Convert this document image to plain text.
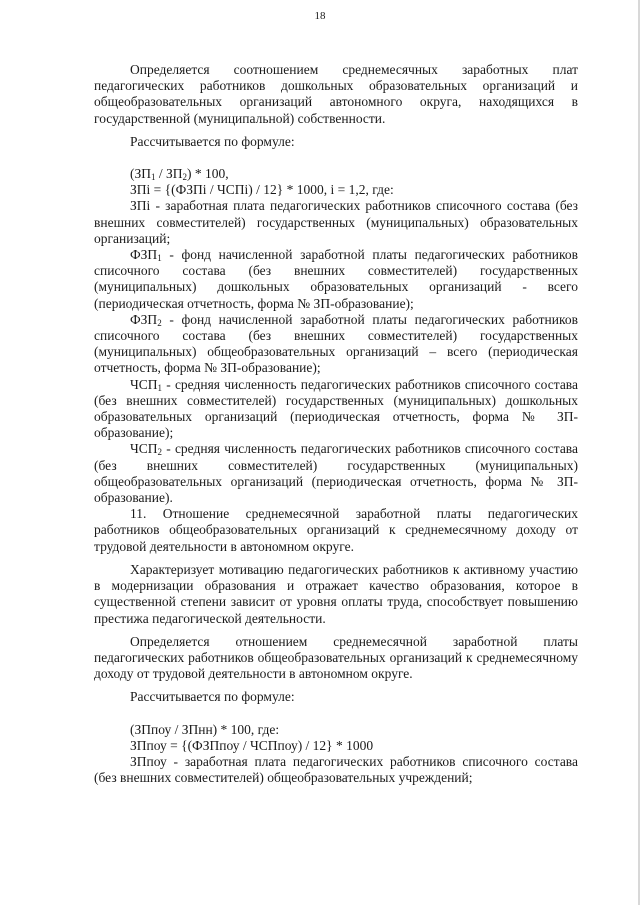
18

Определяется соотношением среднемесячных заработных плат педагогических работников дошкольных образовательных организаций и общеобразовательных организаций автономного округа, находящихся в государственной (муниципальной) собственности.

Рассчитывается по формуле:

$(ЗП_1 / ЗП_2) * 100$,

ЗПi = {(ФЗПi / ЧСПi) / 12} * 1000, i = 1,2, где:

ЗПi - заработная плата педагогических работников списочного состава (без внешних совместителей) государственных (муниципальных) образовательных организаций;

$ФЗП_1$ - фонд начисленной заработной платы педагогических работников списочного состава (без внешних совместителей) государственных (муниципальных) дошкольных образовательных организаций - всего (периодическая отчетность, форма № ЗП-образование);

$ФЗП_2$ - фонд начисленной заработной платы педагогических работников списочного состава (без внешних совместителей) государственных (муниципальных) общеобразовательных организаций – всего (периодическая отчетность, форма № ЗП-образование);

$ЧСП_1$ - средняя численность педагогических работников списочного состава (без внешних совместителей) государственных (муниципальных) дошкольных образовательных организаций (периодическая отчетность, форма № ЗП-образование);

$ЧСП_2$ - средняя численность педагогических работников списочного состава (без внешних совместителей) государственных (муниципальных) общеобразовательных организаций (периодическая отчетность, форма № ЗП-образование).

11. Отношение среднемесячной заработной платы педагогических работников общеобразовательных организаций к среднемесячному доходу от трудовой деятельности в автономном округе.

Характеризует мотивацию педагогических работников к активному участию в модернизации образования и отражает качество образования, которое в существенной степени зависит от уровня оплаты труда, способствует повышению престижа педагогической деятельности.

Определяется отношением среднемесячной заработной платы педагогических работников общеобразовательных организаций к среднемесячному доходу от трудовой деятельности в автономном округе.

Рассчитывается по формуле:

(ЗПпоу / ЗПнн) * 100, где:

ЗПпоу = {(ФЗПпоу / ЧСПпоу) / 12} * 1000

ЗПпоу - заработная плата педагогических работников списочного состава (без внешних совместителей) общеобразовательных учреждений;
